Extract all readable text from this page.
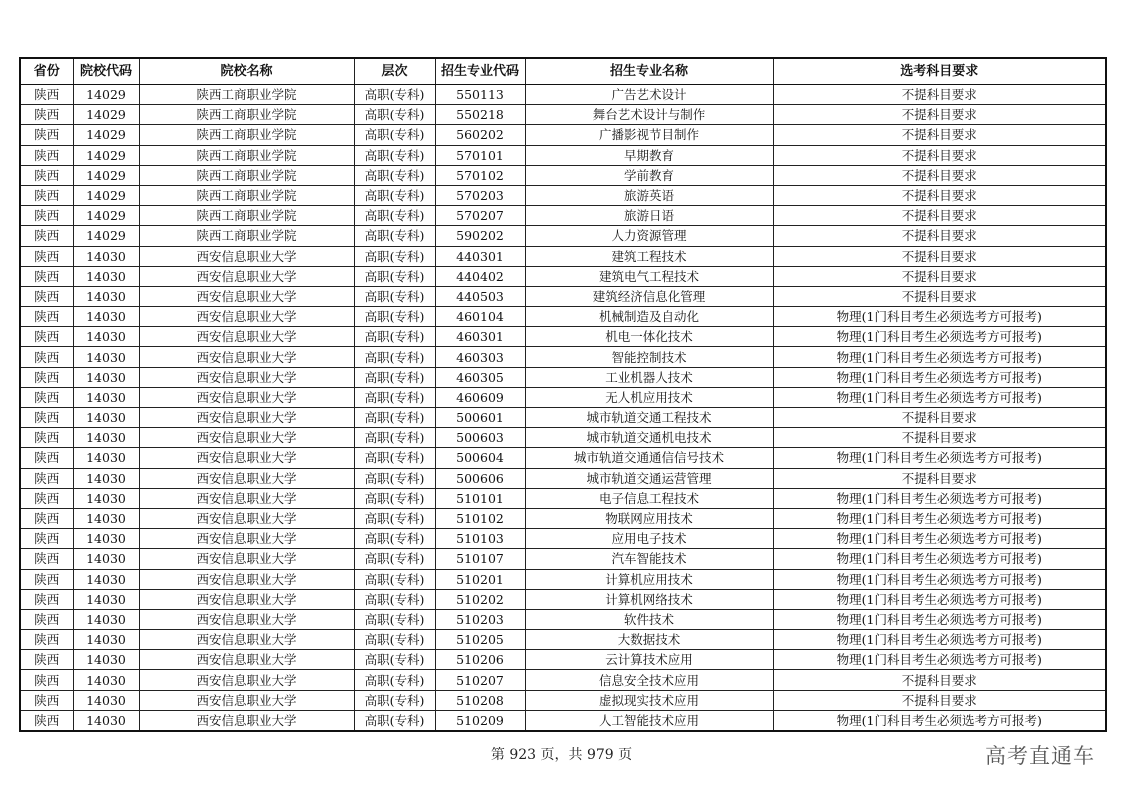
省份	院校代码	院校名称	层次	招生专业代码	招生专业名称	选考科目要求
陕西	14029	陕西工商职业学院	高职(专科)	550113	广告艺术设计	不提科目要求
陕西	14029	陕西工商职业学院	高职(专科)	550218	舞台艺术设计与制作	不提科目要求
陕西	14029	陕西工商职业学院	高职(专科)	560202	广播影视节目制作	不提科目要求
陕西	14029	陕西工商职业学院	高职(专科)	570101	早期教育	不提科目要求
陕西	14029	陕西工商职业学院	高职(专科)	570102	学前教育	不提科目要求
陕西	14029	陕西工商职业学院	高职(专科)	570203	旅游英语	不提科目要求
陕西	14029	陕西工商职业学院	高职(专科)	570207	旅游日语	不提科目要求
陕西	14029	陕西工商职业学院	高职(专科)	590202	人力资源管理	不提科目要求
陕西	14030	西安信息职业大学	高职(专科)	440301	建筑工程技术	不提科目要求
陕西	14030	西安信息职业大学	高职(专科)	440402	建筑电气工程技术	不提科目要求
陕西	14030	西安信息职业大学	高职(专科)	440503	建筑经济信息化管理	不提科目要求
陕西	14030	西安信息职业大学	高职(专科)	460104	机械制造及自动化	物理(1门科目考生必须选考方可报考)
陕西	14030	西安信息职业大学	高职(专科)	460301	机电一体化技术	物理(1门科目考生必须选考方可报考)
陕西	14030	西安信息职业大学	高职(专科)	460303	智能控制技术	物理(1门科目考生必须选考方可报考)
陕西	14030	西安信息职业大学	高职(专科)	460305	工业机器人技术	物理(1门科目考生必须选考方可报考)
陕西	14030	西安信息职业大学	高职(专科)	460609	无人机应用技术	物理(1门科目考生必须选考方可报考)
陕西	14030	西安信息职业大学	高职(专科)	500601	城市轨道交通工程技术	不提科目要求
陕西	14030	西安信息职业大学	高职(专科)	500603	城市轨道交通机电技术	不提科目要求
陕西	14030	西安信息职业大学	高职(专科)	500604	城市轨道交通通信信号技术	物理(1门科目考生必须选考方可报考)
陕西	14030	西安信息职业大学	高职(专科)	500606	城市轨道交通运营管理	不提科目要求
陕西	14030	西安信息职业大学	高职(专科)	510101	电子信息工程技术	物理(1门科目考生必须选考方可报考)
陕西	14030	西安信息职业大学	高职(专科)	510102	物联网应用技术	物理(1门科目考生必须选考方可报考)
陕西	14030	西安信息职业大学	高职(专科)	510103	应用电子技术	物理(1门科目考生必须选考方可报考)
陕西	14030	西安信息职业大学	高职(专科)	510107	汽车智能技术	物理(1门科目考生必须选考方可报考)
陕西	14030	西安信息职业大学	高职(专科)	510201	计算机应用技术	物理(1门科目考生必须选考方可报考)
陕西	14030	西安信息职业大学	高职(专科)	510202	计算机网络技术	物理(1门科目考生必须选考方可报考)
陕西	14030	西安信息职业大学	高职(专科)	510203	软件技术	物理(1门科目考生必须选考方可报考)
陕西	14030	西安信息职业大学	高职(专科)	510205	大数据技术	物理(1门科目考生必须选考方可报考)
陕西	14030	西安信息职业大学	高职(专科)	510206	云计算技术应用	物理(1门科目考生必须选考方可报考)
陕西	14030	西安信息职业大学	高职(专科)	510207	信息安全技术应用	不提科目要求
陕西	14030	西安信息职业大学	高职(专科)	510208	虚拟现实技术应用	不提科目要求
陕西	14030	西安信息职业大学	高职(专科)	510209	人工智能技术应用	物理(1门科目考生必须选考方可报考)
第 923 页，共 979 页	高考直通车
